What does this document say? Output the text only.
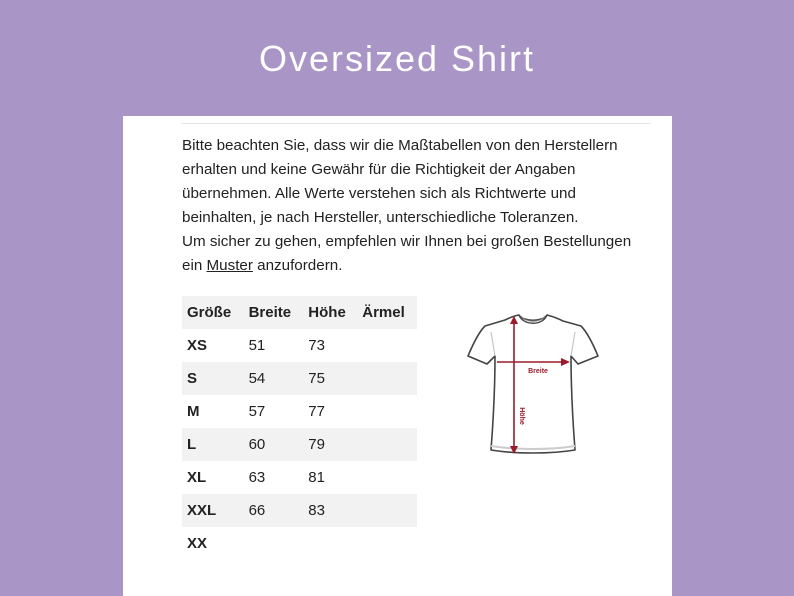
Oversized Shirt

Bitte beachten Sie, dass wir die Maßtabellen von den Herstellern erhalten und keine Gewähr für die Richtigkeit der Angaben übernehmen. Alle Werte verstehen sich als Richtwerte und beinhalten, je nach Hersteller, unterschiedliche Toleranzen.

Um sicher zu gehen, empfehlen wir Ihnen bei großen Bestellungen ein Muster anzufordern.

Größe	Breite	Höhe	Ärmel
XS	51	73	
S	54	75	
M	57	77	
L	60	79	
XL	63	81	
XXL	66	83	
XX			
Breite
Höhe
